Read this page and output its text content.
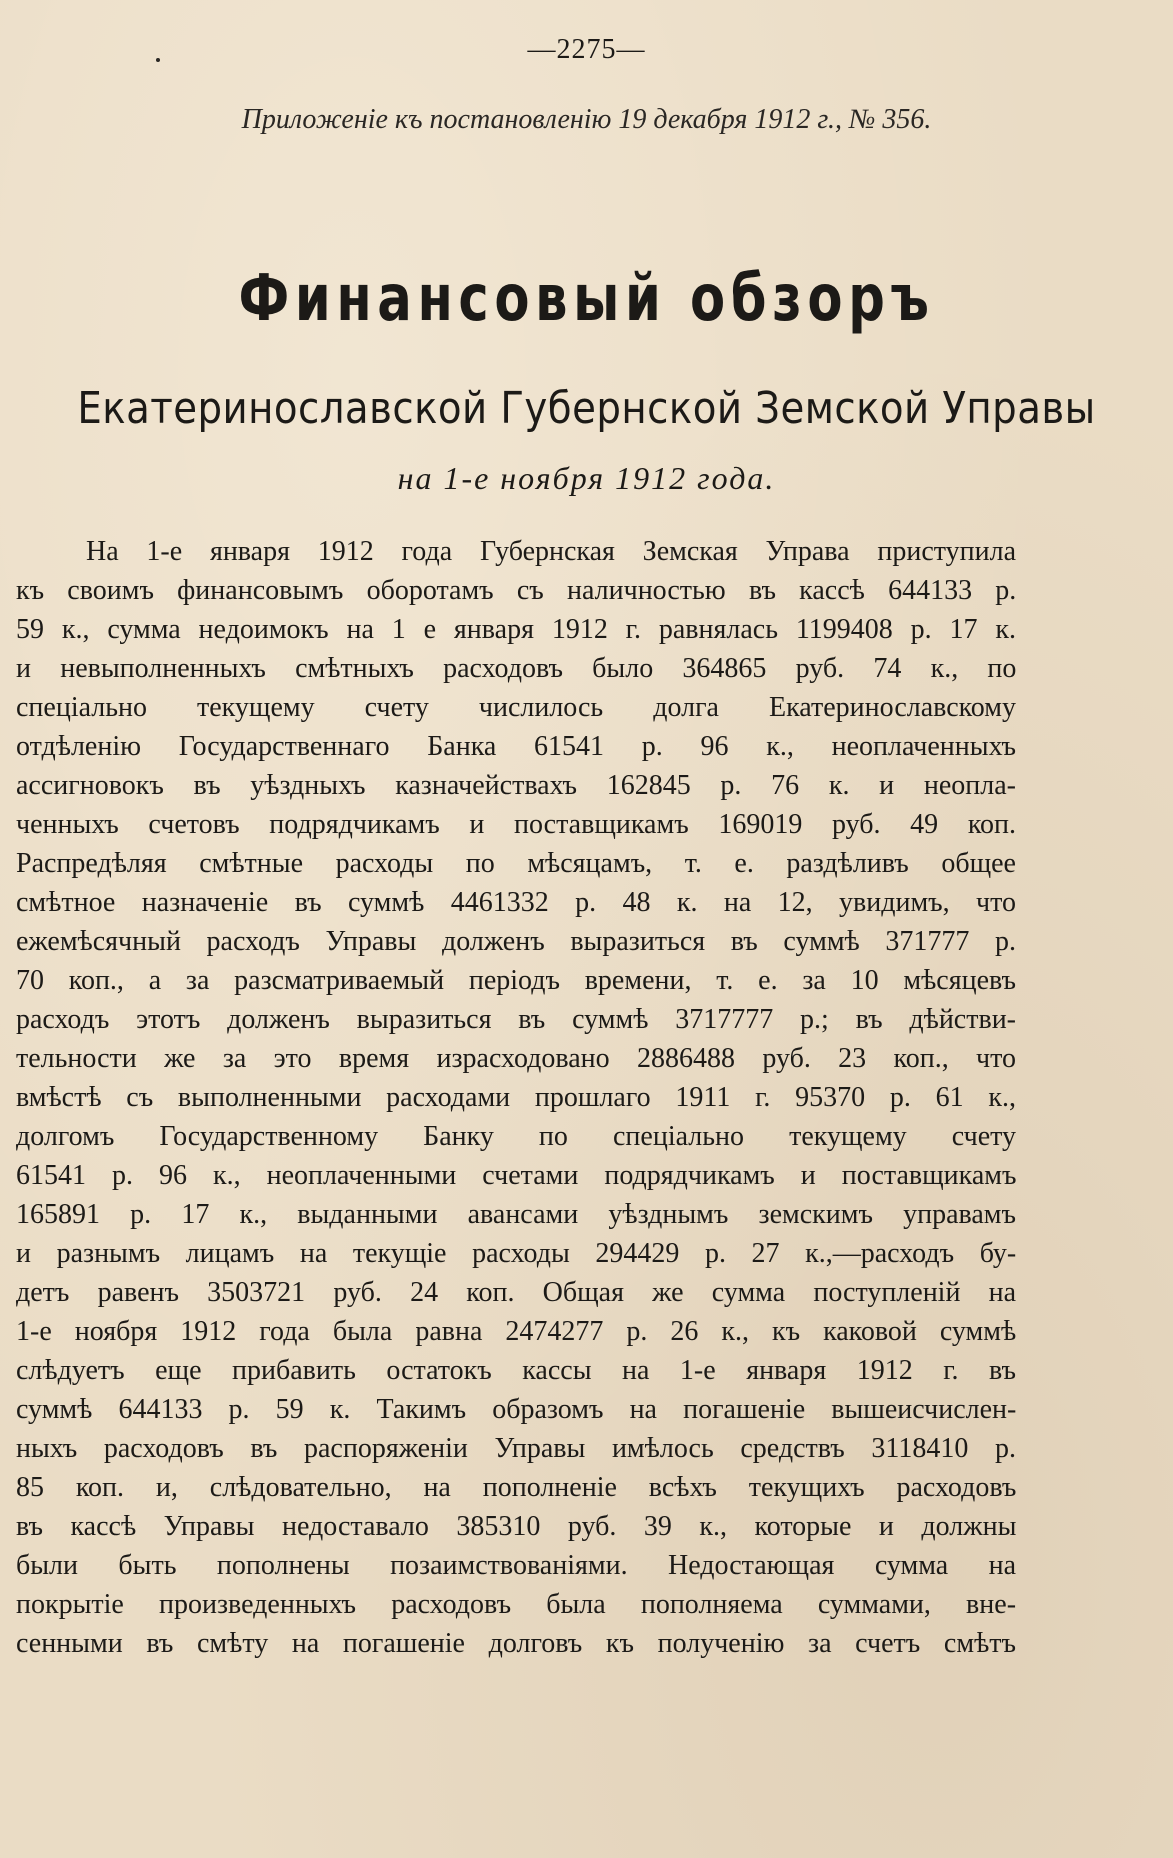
—2275—
Приложеніе къ постановленію 19 декабря 1912 г., № 356.
Финансовый обзоръ
Екатеринославской Губернской Земской Управы
на 1-е ноября 1912 года.
На 1-е января 1912 года Губернская Земская Управа приступила
къ своимъ финансовымъ оборотамъ съ наличностью въ кассѣ 644133 р.
59 к., сумма недоимокъ на 1 е января 1912 г. равнялась 1199408 р. 17 к.
и невыполненныхъ смѣтныхъ расходовъ было 364865 руб. 74 к., по
спеціально текущему счету числилось долга Екатеринославскому
отдѣленію Государственнаго Банка 61541 р. 96 к., неоплаченныхъ
ассигновокъ въ уѣздныхъ казначействахъ 162845 р. 76 к. и неопла-
ченныхъ счетовъ подрядчикамъ и поставщикамъ 169019 руб. 49 коп.
Распредѣляя смѣтные расходы по мѣсяцамъ, т. е. раздѣливъ общее
смѣтное назначеніе въ суммѣ 4461332 р. 48 к. на 12, увидимъ, что
ежемѣсячный расходъ Управы долженъ выразиться въ суммѣ 371777 р.
70 коп., а за разсматриваемый періодъ времени, т. е. за 10 мѣсяцевъ
расходъ этотъ долженъ выразиться въ суммѣ 3717777 р.; въ дѣйстви-
тельности же за это время израсходовано 2886488 руб. 23 коп., что
вмѣстѣ съ выполненными расходами прошлаго 1911 г. 95370 р. 61 к.,
долгомъ Государственному Банку по спеціально текущему счету
61541 р. 96 к., неоплаченными счетами подрядчикамъ и поставщикамъ
165891 р. 17 к., выданными авансами уѣзднымъ земскимъ управамъ
и разнымъ лицамъ на текущіе расходы 294429 р. 27 к.,—расходъ бу-
детъ равенъ 3503721 руб. 24 коп. Общая же сумма поступленій на
1-е ноября 1912 года была равна 2474277 р. 26 к., къ каковой суммѣ
слѣдуетъ еще прибавить остатокъ кассы на 1-е января 1912 г. въ
суммѣ 644133 р. 59 к. Такимъ образомъ на погашеніе вышеисчислен-
ныхъ расходовъ въ распоряженіи Управы имѣлось средствъ 3118410 р.
85 коп. и, слѣдовательно, на пополненіе всѣхъ текущихъ расходовъ
въ кассѣ Управы недоставало 385310 руб. 39 к., которые и должны
были быть пополнены позаимствованіями. Недостающая сумма на
покрытіе произведенныхъ расходовъ была пополняема суммами, вне-
сенными въ смѣту на погашеніе долговъ къ полученію за счетъ смѣтъ
